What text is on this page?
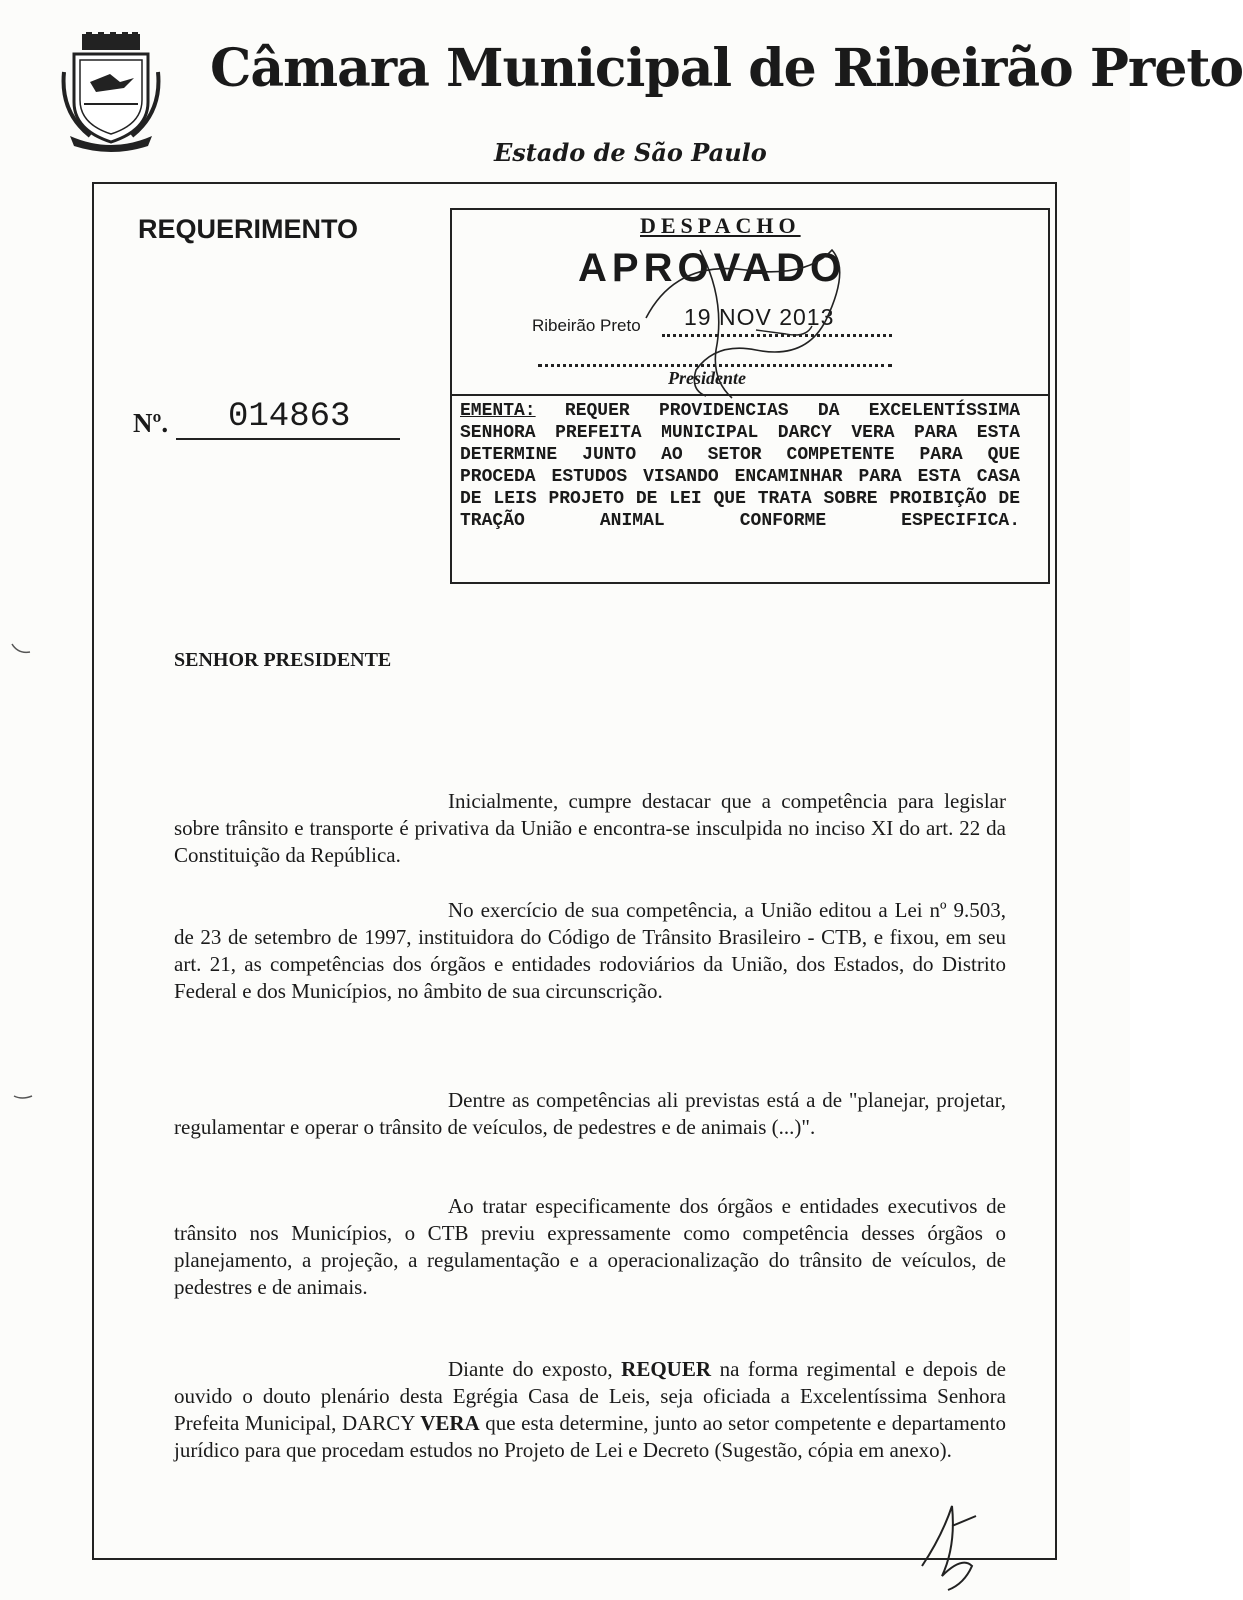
Câmara Municipal de Ribeirão Preto
Estado de São Paulo
REQUERIMENTO
Nº. 014863
DESPACHO
APROVADO
Ribeirão Preto 19 NOV 2013
Presidente
EMENTA: REQUER PROVIDENCIAS DA EXCELENTÍSSIMA SENHORA PREFEITA MUNICIPAL DARCY VERA PARA ESTA DETERMINE JUNTO AO SETOR COMPETENTE PARA QUE PROCEDA ESTUDOS VISANDO ENCAMINHAR PARA ESTA CASA DE LEIS PROJETO DE LEI QUE TRATA SOBRE PROIBIÇÃO DE TRAÇÃO ANIMAL CONFORME ESPECIFICA.
SENHOR PRESIDENTE

Inicialmente, cumpre destacar que a competência para legislar sobre trânsito e transporte é privativa da União e encontra-se insculpida no inciso XI do art. 22 da Constituição da República.

No exercício de sua competência, a União editou a Lei nº 9.503, de 23 de setembro de 1997, instituidora do Código de Trânsito Brasileiro - CTB, e fixou, em seu art. 21, as competências dos órgãos e entidades rodoviários da União, dos Estados, do Distrito Federal e dos Municípios, no âmbito de sua circunscrição.

Dentre as competências ali previstas está a de "planejar, projetar, regulamentar e operar o trânsito de veículos, de pedestres e de animais (...)".

Ao tratar especificamente dos órgãos e entidades executivos de trânsito nos Municípios, o CTB previu expressamente como competência desses órgãos o planejamento, a projeção, a regulamentação e a operacionalização do trânsito de veículos, de pedestres e de animais.

Diante do exposto, REQUER na forma regimental e depois de ouvido o douto plenário desta Egrégia Casa de Leis, seja oficiada a Excelentíssima Senhora Prefeita Municipal, DARCY VERA que esta determine, junto ao setor competente e departamento jurídico para que procedam estudos no Projeto de Lei e Decreto (Sugestão, cópia em anexo).
